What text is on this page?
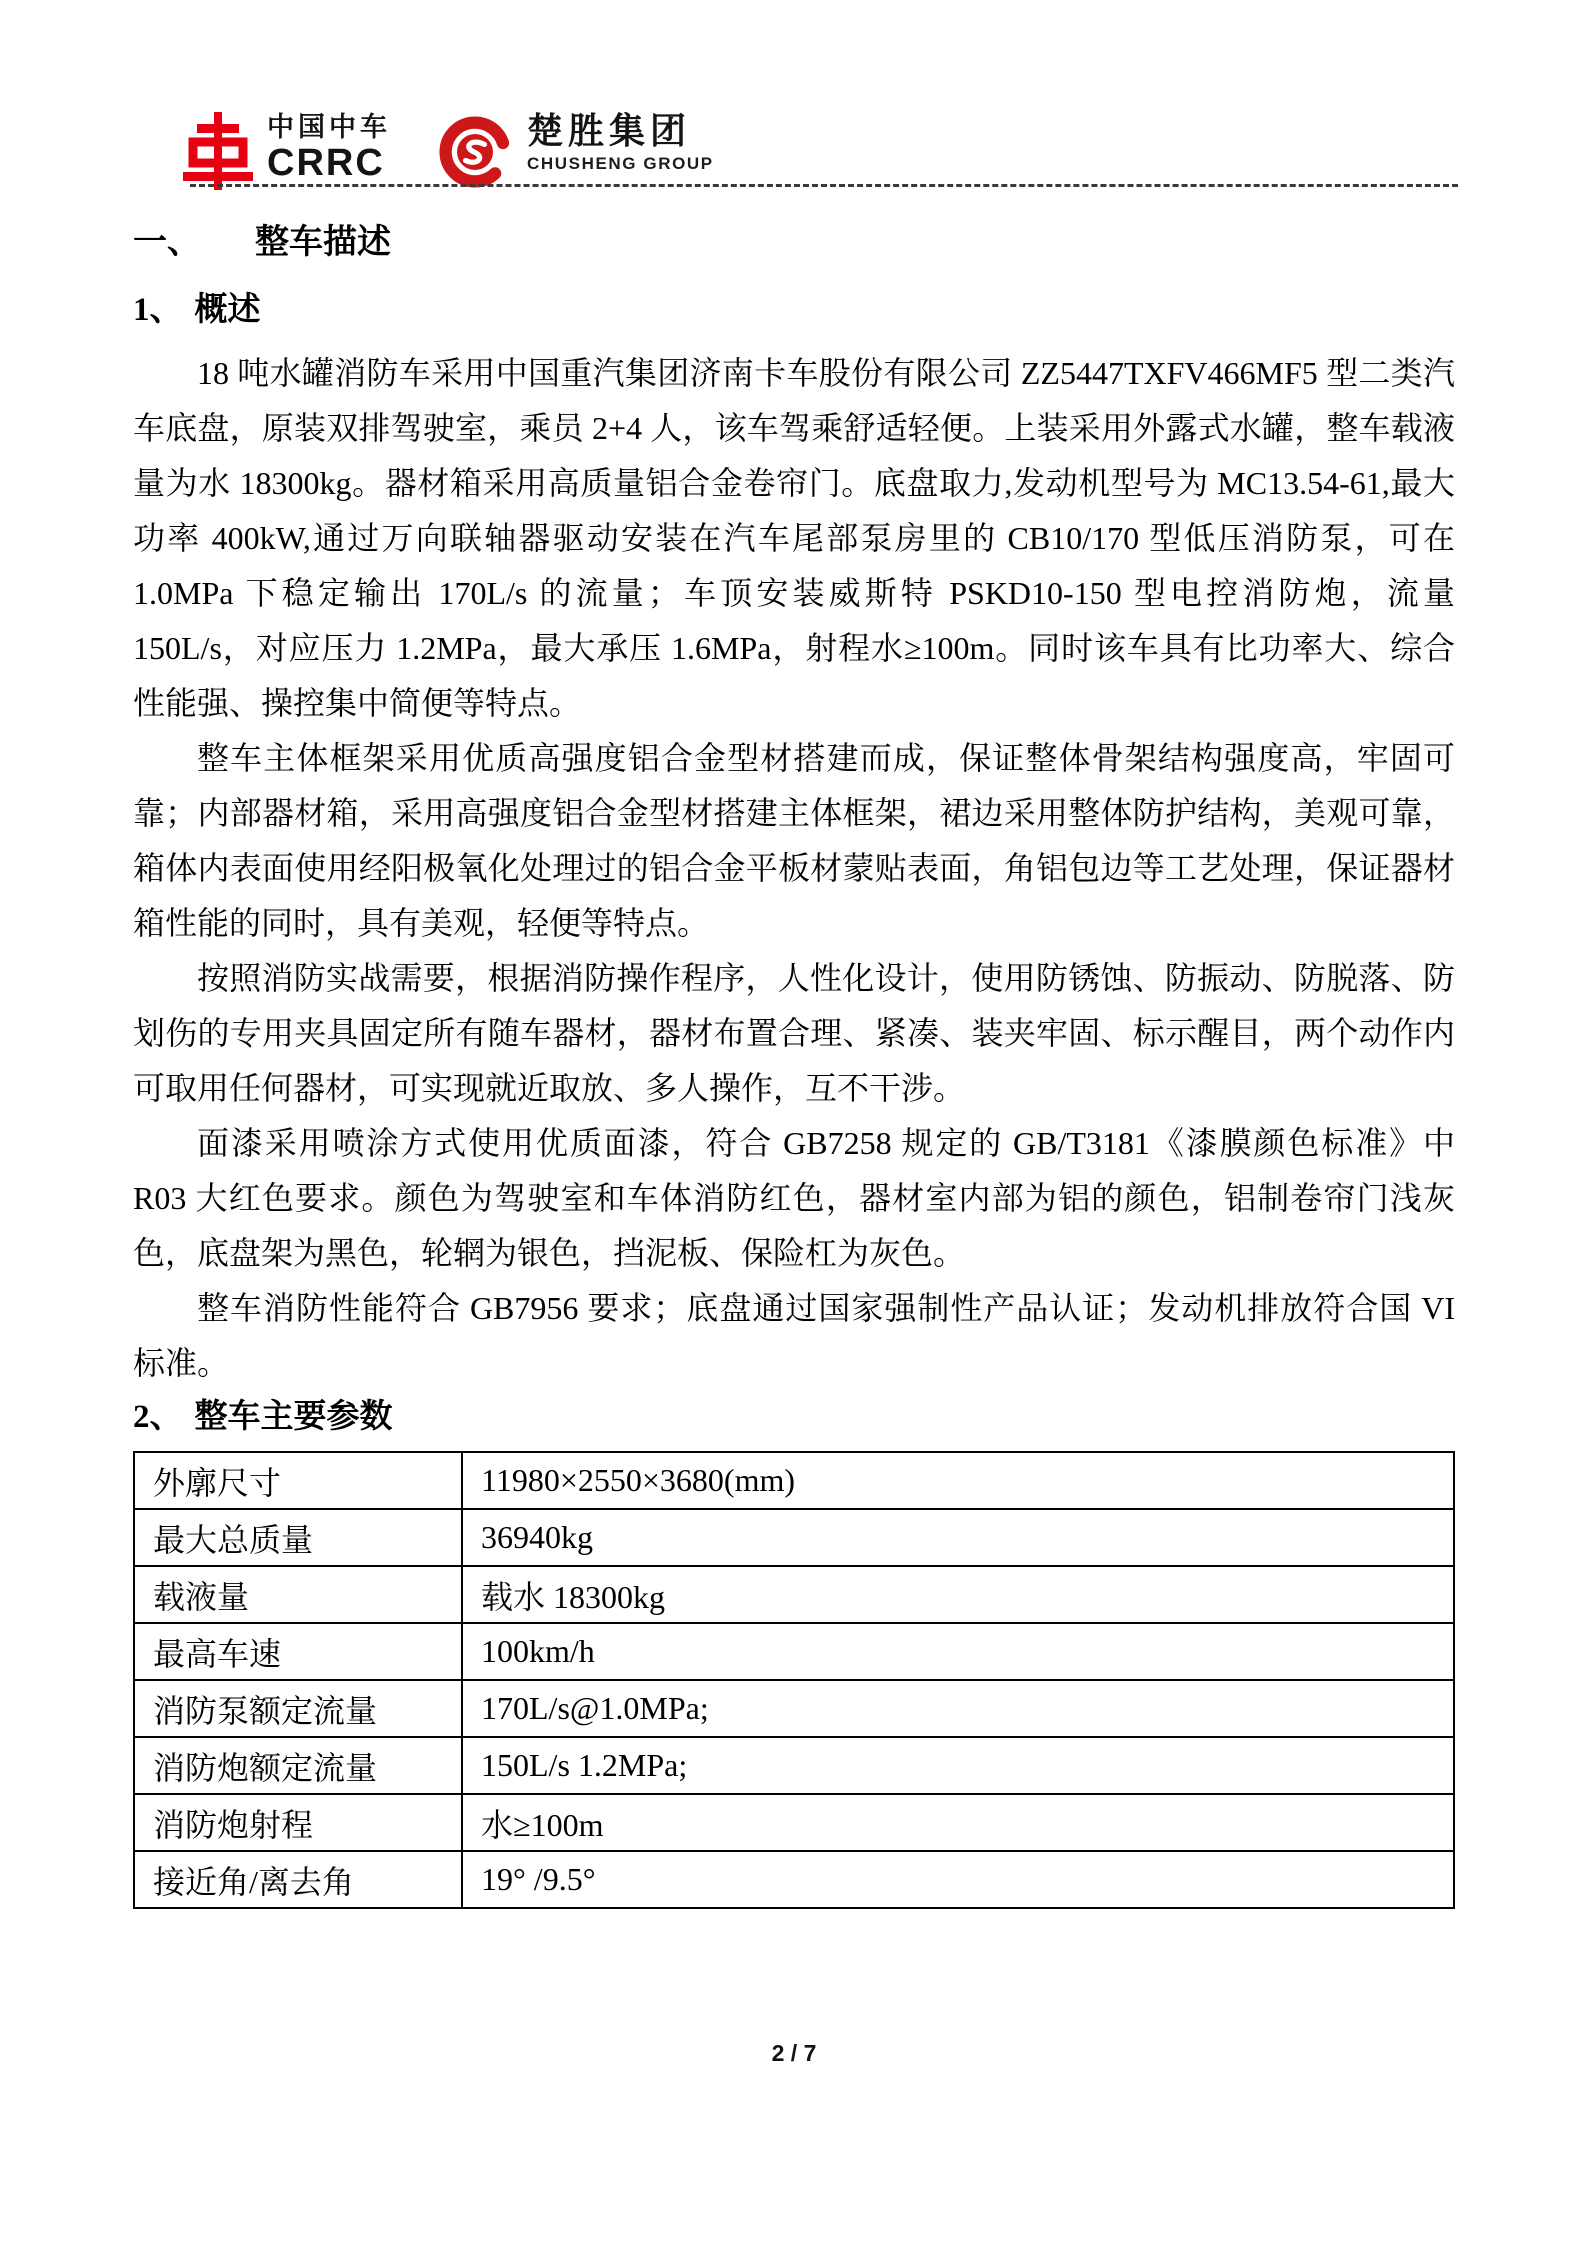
中国中车
CRRC
楚胜集团
CHUSHENG GROUP
一、 整车描述
1、 概述

18 吨水罐消防车采用中国重汽集团济南卡车股份有限公司 ZZ5447TXFV466MF5 型二类汽车底盘，原装双排驾驶室，乘员 2+4 人，该车驾乘舒适轻便。上装采用外露式水罐，整车载液量为水 18300kg。器材箱采用高质量铝合金卷帘门。底盘取力,发动机型号为 MC13.54-61,最大功率 400kW,通过万向联轴器驱动安装在汽车尾部泵房里的 CB10/170 型低压消防泵，可在 1.0MPa 下稳定输出 170L/s 的流量；车顶安装威斯特 PSKD10-150 型电控消防炮，流量 150L/s，对应压力 1.2MPa，最大承压 1.6MPa，射程水≥100m。同时该车具有比功率大、综合性能强、操控集中简便等特点。

整车主体框架采用优质高强度铝合金型材搭建而成，保证整体骨架结构强度高，牢固可靠；内部器材箱，采用高强度铝合金型材搭建主体框架，裙边采用整体防护结构，美观可靠，箱体内表面使用经阳极氧化处理过的铝合金平板材蒙贴表面，角铝包边等工艺处理，保证器材箱性能的同时，具有美观，轻便等特点。

按照消防实战需要，根据消防操作程序，人性化设计，使用防锈蚀、防振动、防脱落、防划伤的专用夹具固定所有随车器材，器材布置合理、紧凑、装夹牢固、标示醒目，两个动作内可取用任何器材，可实现就近取放、多人操作，互不干涉。

面漆采用喷涂方式使用优质面漆，符合 GB7258 规定的 GB/T3181《漆膜颜色标准》中 R03 大红色要求。颜色为驾驶室和车体消防红色，器材室内部为铝的颜色，铝制卷帘门浅灰色，底盘架为黑色，轮辋为银色，挡泥板、保险杠为灰色。

整车消防性能符合 GB7956 要求；底盘通过国家强制性产品认证；发动机排放符合国 VI 标准。

2、 整车主要参数
外廓尺寸	11980×2550×3680(mm)
最大总质量	36940kg
载液量	载水 18300kg
最高车速	100km/h
消防泵额定流量	170L/s@1.0MPa;
消防炮额定流量	150L/s 1.2MPa;
消防炮射程	水≥100m
接近角/离去角	19° /9.5°
2 / 7
